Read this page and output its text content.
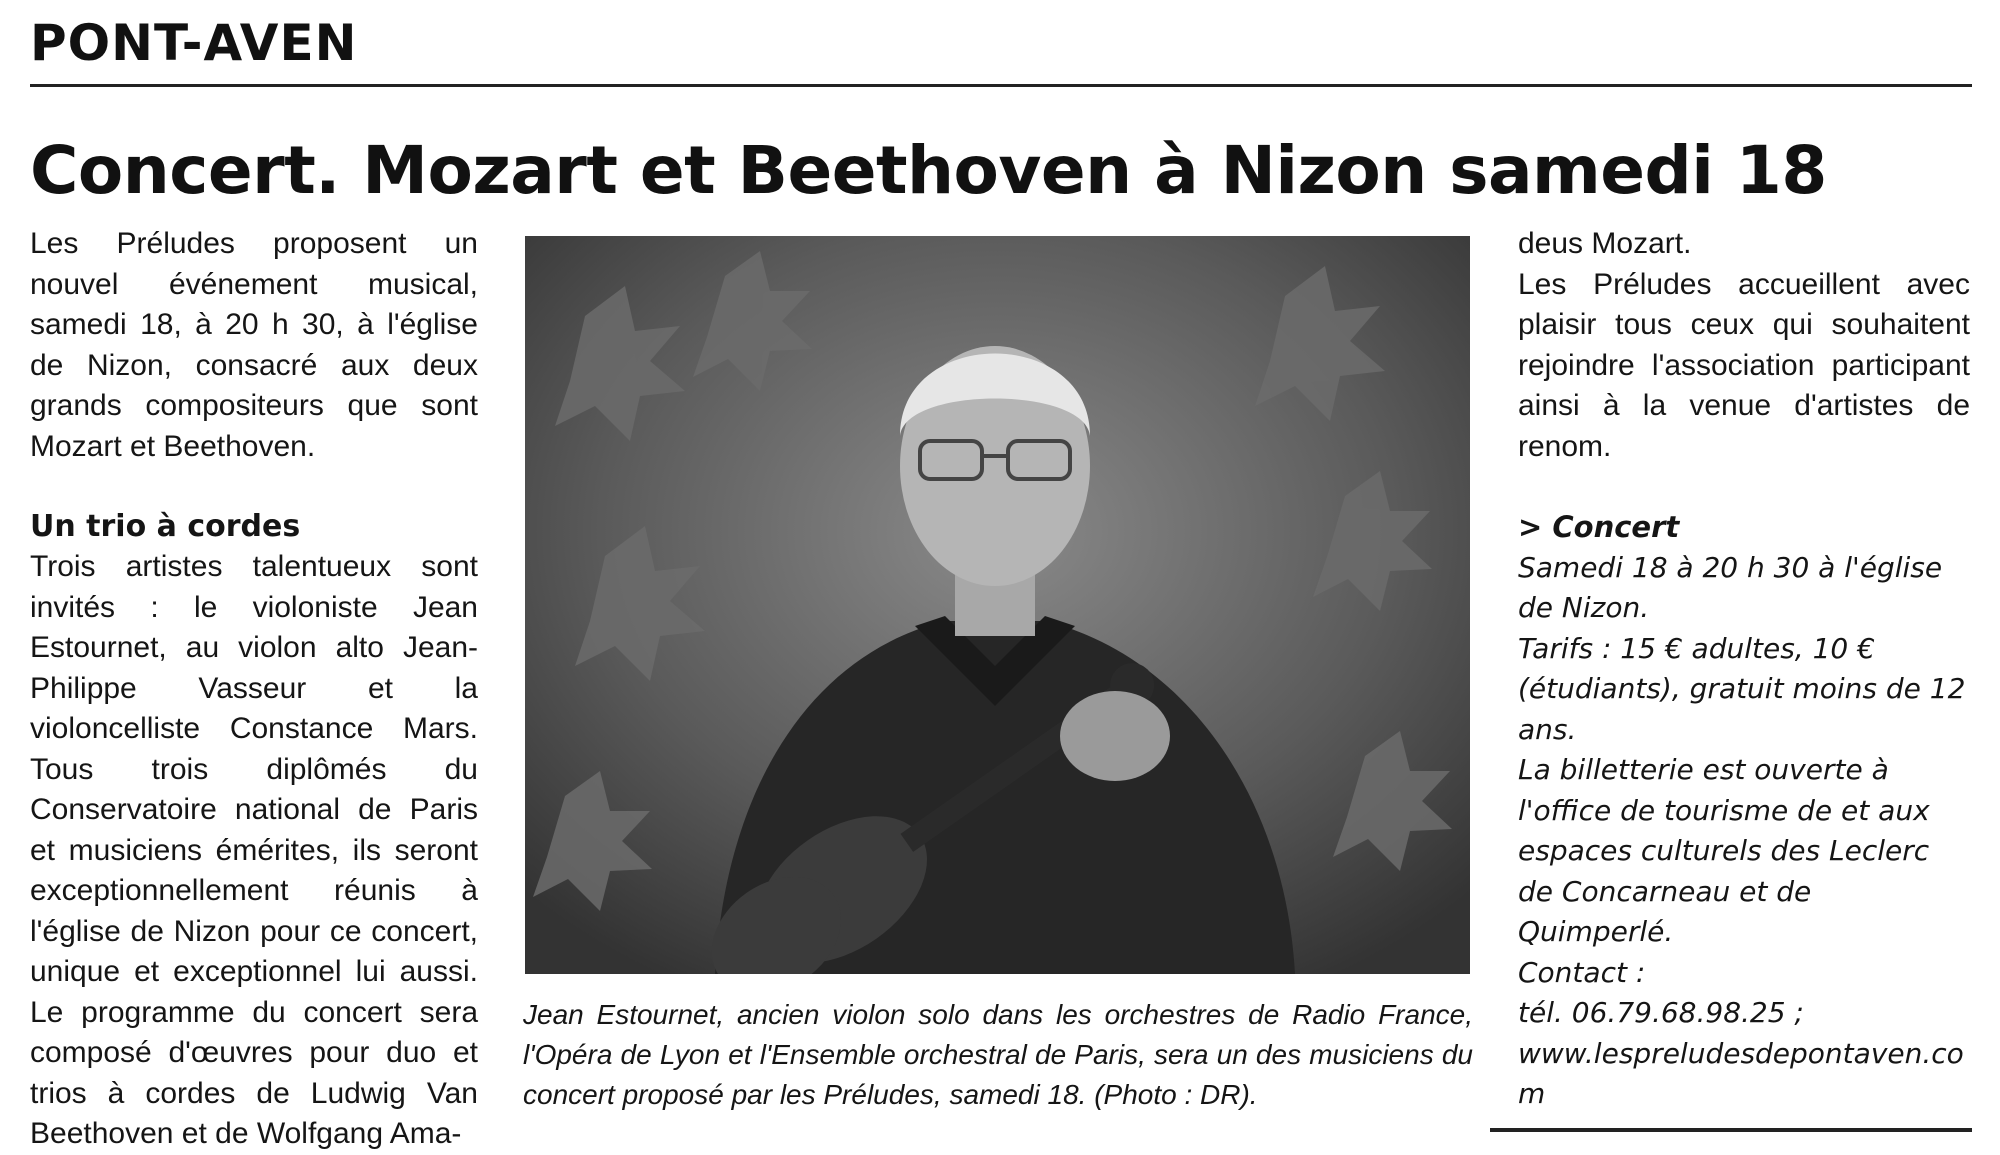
PONT-AVEN
Concert. Mozart et Beethoven à Nizon samedi 18

Les Préludes proposent un nouvel événement musical, samedi 18, à 20 h 30, à l'église de Nizon, consacré aux deux grands compositeurs que sont Mozart et Beethoven.

Un trio à cordes

Trois artistes talentueux sont invités : le violoniste Jean Estournet, au violon alto Jean-Philippe Vasseur et la violoncelliste Constance Mars. Tous trois diplômés du Conservatoire national de Paris et musiciens émérites, ils seront exceptionnellement réunis à l'église de Nizon pour ce concert, unique et exceptionnel lui aussi. Le programme du concert sera composé d'œuvres pour duo et trios à cordes de Ludwig Van Beethoven et de Wolfgang Ama-

Jean Estournet, ancien violon solo dans les orchestres de Radio France, l'Opéra de Lyon et l'Ensemble orchestral de Paris, sera un des musiciens du concert proposé par les Préludes, samedi 18. (Photo : DR).

deus Mozart.

Les Préludes accueillent avec plaisir tous ceux qui souhaitent rejoindre l'association participant ainsi à la venue d'artistes de renom.

> Concert

Samedi 18 à 20 h 30 à l'église de Nizon.

Tarifs : 15 € adultes, 10 € (étudiants), gratuit moins de 12 ans.

La billetterie est ouverte à l'office de tourisme de et aux espaces culturels des Leclerc de Concarneau et de Quimperlé.

Contact :

tél. 06.79.68.98.25 ;

www.lespreludesdepontaven.com
